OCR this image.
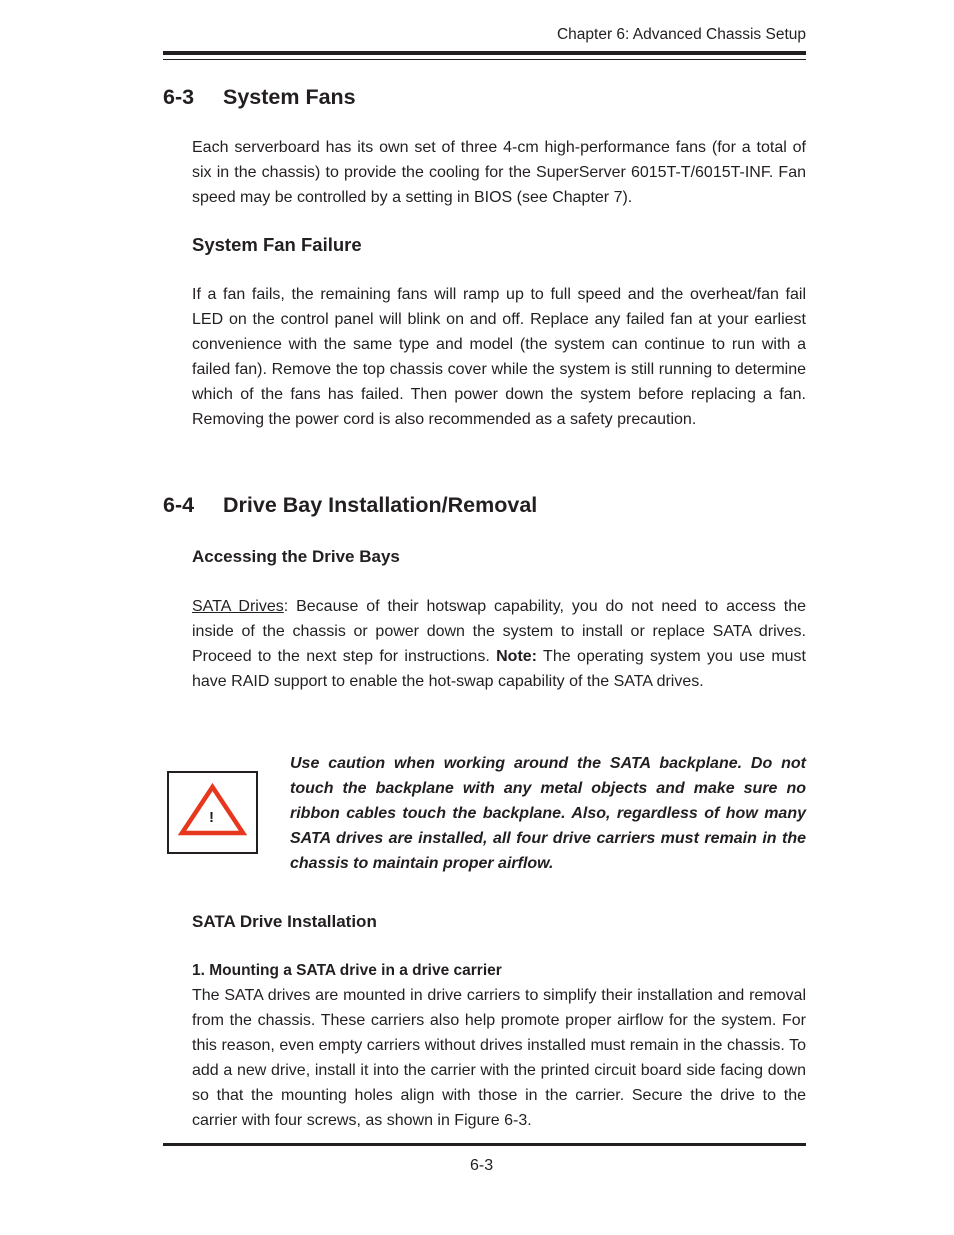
Chapter 6: Advanced Chassis Setup
6-3 System Fans
Each serverboard has its own set of three 4-cm high-performance fans (for a total of six in the chassis) to provide the cooling for the SuperServer 6015T-T/6015T-INF. Fan speed may be controlled by a setting in BIOS (see Chapter 7).
System Fan Failure
If a fan fails, the remaining fans will ramp up to full speed and the overheat/fan fail LED on the control panel will blink on and off. Replace any failed fan at your earliest convenience with the same type and model (the system can continue to run with a failed fan). Remove the top chassis cover while the system is still running to determine which of the fans has failed. Then power down the system before replacing a fan. Removing the power cord is also recommended as a safety precaution.
6-4 Drive Bay Installation/Removal
Accessing the Drive Bays
SATA Drives: Because of their hotswap capability, you do not need to access the inside of the chassis or power down the system to install or replace SATA drives. Proceed to the next step for instructions. Note: The operating system you use must have RAID support to enable the hot-swap capability of the SATA drives.
!
Use caution when working around the SATA backplane. Do not touch the backplane with any metal objects and make sure no ribbon cables touch the backplane. Also, regardless of how many SATA drives are installed, all four drive carriers must remain in the chassis to maintain proper airflow.
SATA Drive Installation
1. Mounting a SATA drive in a drive carrier
The SATA drives are mounted in drive carriers to simplify their installation and removal from the chassis. These carriers also help promote proper airflow for the system. For this reason, even empty carriers without drives installed must remain in the chassis. To add a new drive, install it into the carrier with the printed circuit board side facing down so that the mounting holes align with those in the carrier. Secure the drive to the carrier with four screws, as shown in Figure 6-3.
6-3
